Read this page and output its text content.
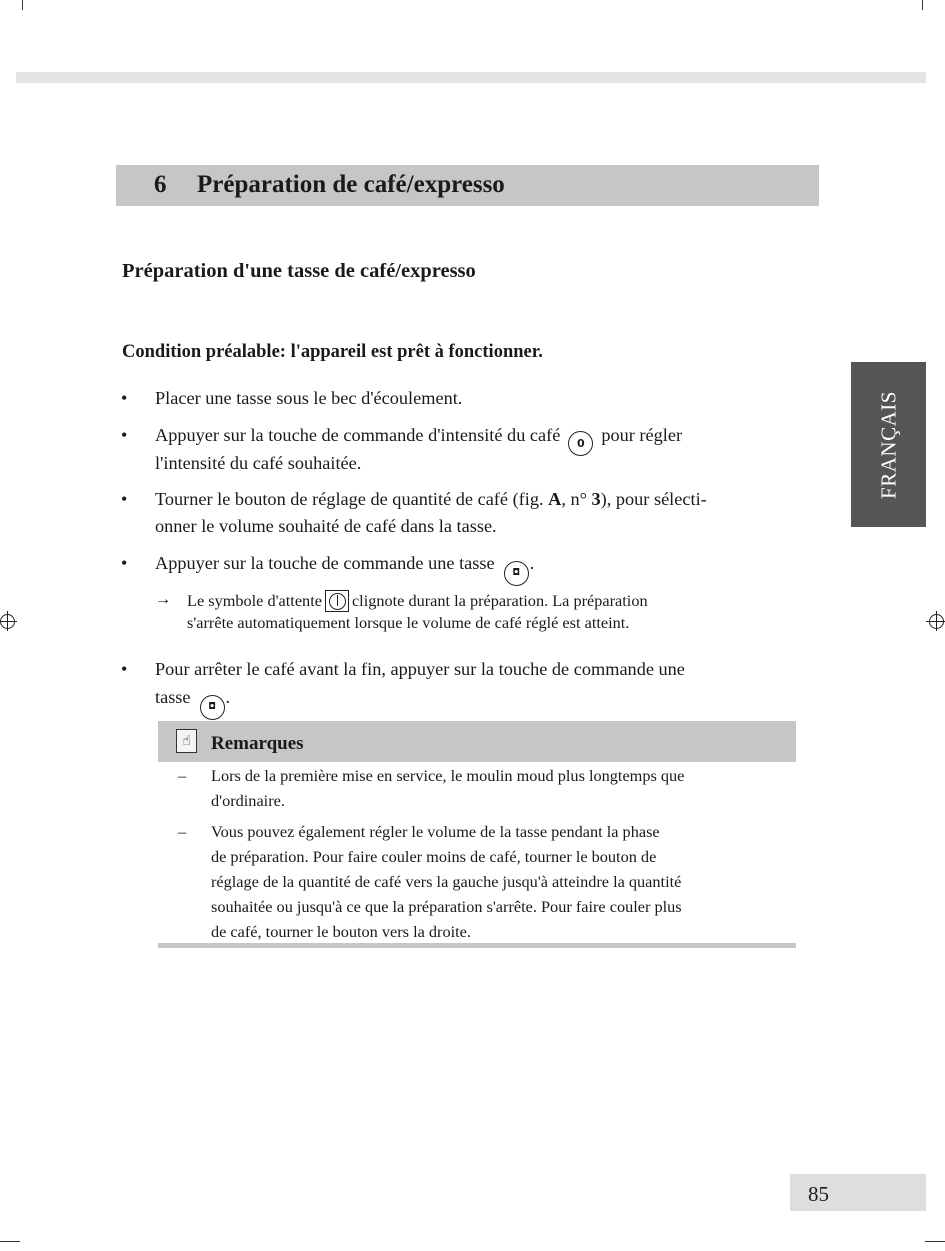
6 Préparation de café/expresso
Préparation d'une tasse de café/expresso
Condition préalable: l'appareil est prêt à fonctionner.
FRANÇAIS
• Placer une tasse sous le bec d'écoulement.
• Appuyer sur la touche de commande d'intensité du café 0 pour régler
l'intensité du café souhaitée.
• Tourner le bouton de réglage de quantité de café (fig. A, n° 3), pour sélecti-
onner le volume souhaité de café dans la tasse.
• Appuyer sur la touche de commande une tasse ◘ .
→ Le symbole d'attente clignote durant la préparation. La préparation
s'arrête automatiquement lorsque le volume de café réglé est atteint.
• Pour arrêter le café avant la fin, appuyer sur la touche de commande une
tasse ◘ .
☝	Remarques
– Lors de la première mise en service, le moulin moud plus longtemps que
d'ordinaire.
– Vous pouvez également régler le volume de la tasse pendant la phase
de préparation. Pour faire couler moins de café, tourner le bouton de
réglage de la quantité de café vers la gauche jusqu'à atteindre la quantité
souhaitée ou jusqu'à ce que la préparation s'arrête. Pour faire couler plus
de café, tourner le bouton vers la droite.
85
